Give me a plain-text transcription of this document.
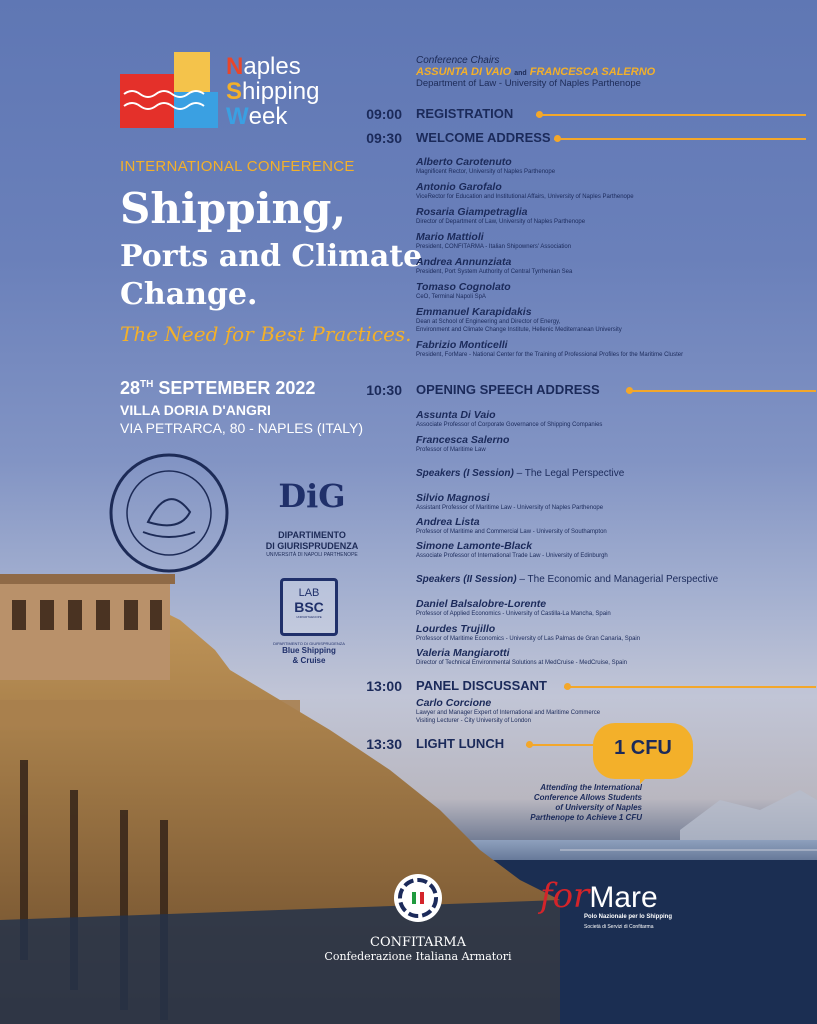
Naples
Shipping
Week
INTERNATIONAL CONFERENCE
Shipping,
Ports and Climate
Change.
The Need for Best Practices.
28TH SEPTEMBER 2022
VILLA DORIA D'ANGRI
VIA PETRARCA, 80 - NAPLES (ITALY)
DiG
DIPARTIMENTO
DI GIURISPRUDENZA
UNIVERSITÀ DI NAPOLI PARTHENOPE
LAB
BSC
UNIPARTHENOPE
DIPARTIMENTO DI GIURISPRUDENZA
Blue Shipping
& Cruise
Conference Chairs
ASSUNTA DI VAIO and FRANCESCA SALERNO
Department of Law - University of Naples Parthenope
09:00 REGISTRATION
09:30 WELCOME ADDRESS
10:30 OPENING SPEECH ADDRESS
13:00 PANEL DISCUSSANT
13:30 LIGHT LUNCH
Alberto Carotenuto
Magnificent Rector, University of Naples Parthenope
Antonio Garofalo
ViceRector for Education and Institutional Affairs, University of Naples Parthenope
Rosaria Giampetraglia
Director of Department of Law, University of Naples Parthenope
Mario Mattioli
President, CONFITARMA - Italian Shipowners' Association
Andrea Annunziata
President, Port System Authority of Central Tyrrhenian Sea
Tomaso Cognolato
CeO, Terminal Napoli SpA
Emmanuel Karapidakis
Dean at School of Engineering and Director of Energy,
Environment and Climate Change Institute, Hellenic Mediterranean University
Fabrizio Monticelli
President, ForMare - National Center for the Training of Professional Profiles for the Maritime Cluster
Assunta Di Vaio
Associate Professor of Corporate Governance of Shipping Companies
Francesca Salerno
Professor of Maritime Law
Speakers (I Session) – The Legal Perspective
Silvio Magnosi
Assistant Professor of Maritime Law - University of Naples Parthenope
Andrea Lista
Professor of Maritime and Commercial Law - University of Southampton
Simone Lamonte-Black
Associate Professor of International Trade Law - University of Edinburgh
Speakers (II Session) – The Economic and Managerial Perspective
Daniel Balsalobre-Lorente
Professor of Applied Economics - University of Castilla-La Mancha, Spain
Lourdes Trujillo
Professor of Maritime Economics - University of Las Palmas de Gran Canaria, Spain
Valeria Mangiarotti
Director of Technical Environmental Solutions at MedCruise - MedCruise, Spain
Carlo Corcione
Lawyer and Manager Expert of International and Maritime Commerce
Visiting Lecturer - City University of London
1 CFU
Attending the International Conference Allows Students of University of Naples Parthenope to Achieve 1 CFU
CONFITARMA
Confederazione Italiana Armatori
forMare
Polo Nazionale per lo Shipping
Società di Servizi di Confitarma
